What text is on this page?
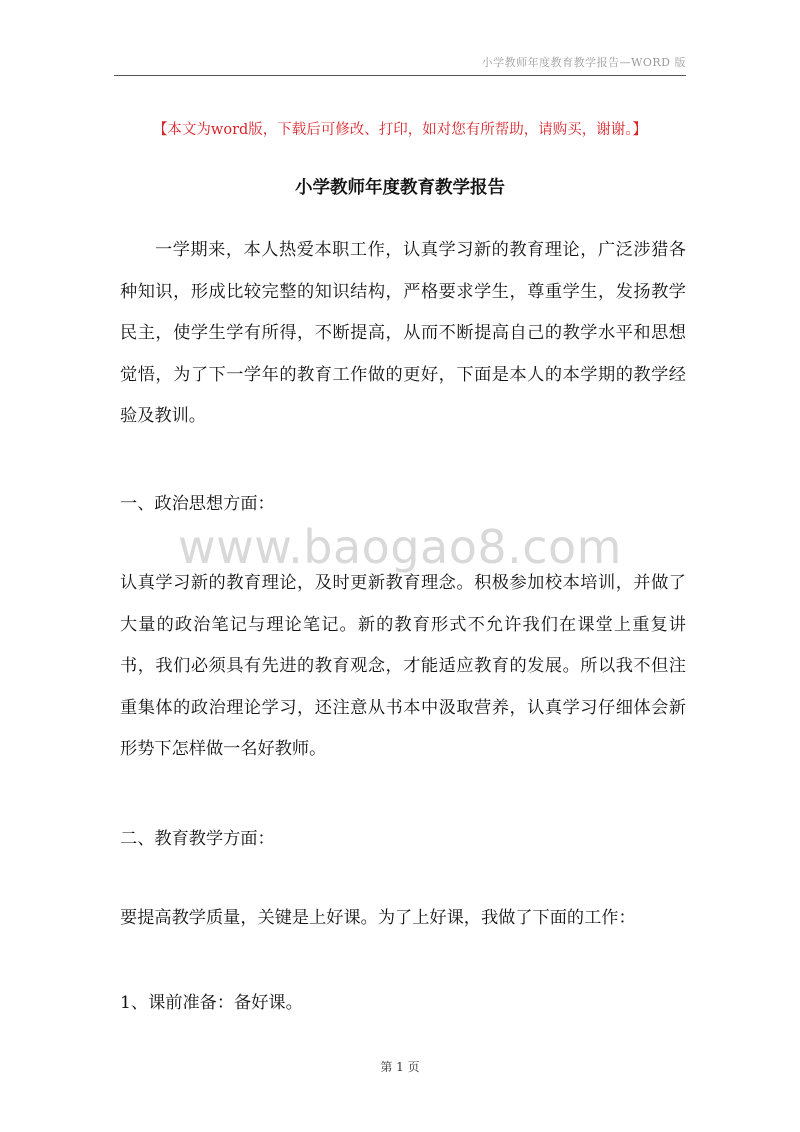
小学教师年度教育教学报告—WORD 版
【本文为word版，下载后可修改、打印，如对您有所帮助，请购买，谢谢。】
小学教师年度教育教学报告
一学期来，本人热爱本职工作，认真学习新的教育理论，广泛涉猎各种知识，形成比较完整的知识结构，严格要求学生，尊重学生，发扬教学民主，使学生学有所得，不断提高，从而不断提高自己的教学水平和思想觉悟，为了下一学年的教育工作做的更好，下面是本人的本学期的教学经验及教训。
一、政治思想方面：
www.baogao8.com
认真学习新的教育理论，及时更新教育理念。积极参加校本培训，并做了大量的政治笔记与理论笔记。新的教育形式不允许我们在课堂上重复讲书，我们必须具有先进的教育观念，才能适应教育的发展。所以我不但注重集体的政治理论学习，还注意从书本中汲取营养，认真学习仔细体会新形势下怎样做一名好教师。
二、教育教学方面：
要提高教学质量，关键是上好课。为了上好课，我做了下面的工作：
1、课前准备：备好课。
第 1 页
